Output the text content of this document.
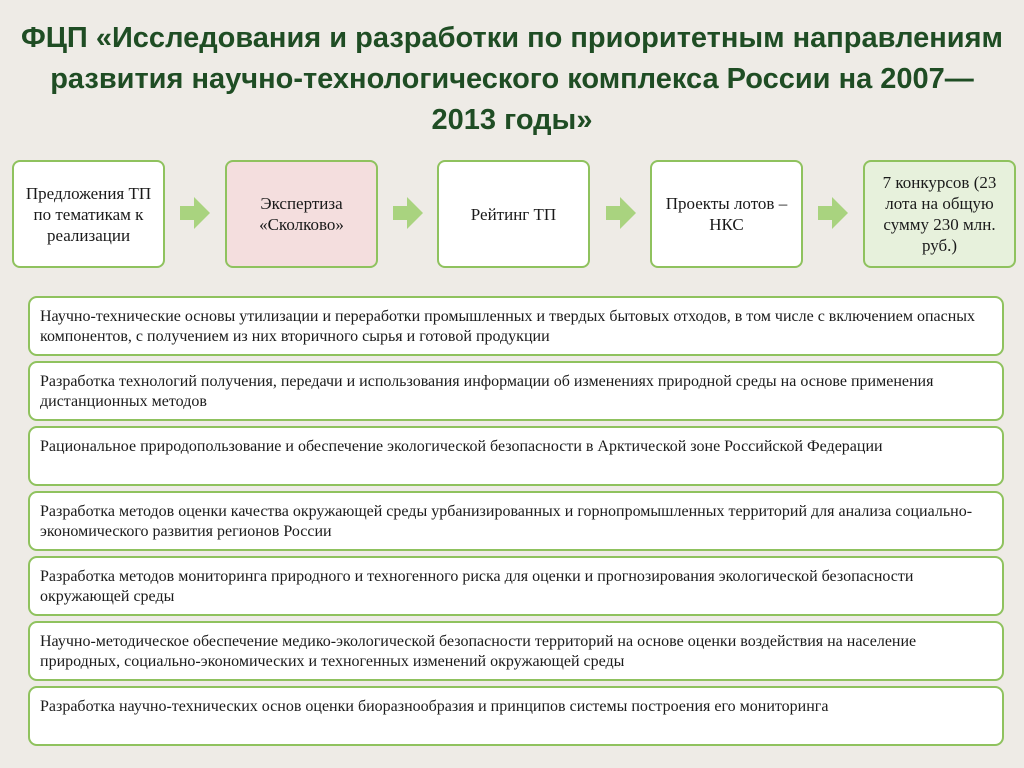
ФЦП «Исследования и разработки по приоритетным направлениям развития научно-технологического комплекса России на 2007—2013 годы»
Предложения ТП по тематикам к реализации
Экспертиза «Сколково»
Рейтинг ТП
Проекты лотов – НКС
7 конкурсов (23 лота на общую сумму 230 млн. руб.)
Научно-технические основы утилизации и переработки промышленных и твердых бытовых отходов, в том числе с включением опасных компонентов, с получением из них вторичного сырья и готовой продукции
Разработка технологий получения, передачи и использования информации об изменениях природной среды на основе применения дистанционных методов
Рациональное природопользование и обеспечение экологической безопасности в Арктической зоне Российской Федерации
Разработка методов оценки качества окружающей среды урбанизированных и горнопромышленных территорий для анализа социально-экономического развития регионов России
Разработка методов мониторинга природного и техногенного риска для оценки и прогнозирования экологической безопасности окружающей среды
Научно-методическое обеспечение медико-экологической безопасности территорий на основе оценки воздействия на население природных, социально-экономических и техногенных изменений окружающей среды
Разработка научно-технических основ оценки биоразнообразия и принципов системы построения его мониторинга
